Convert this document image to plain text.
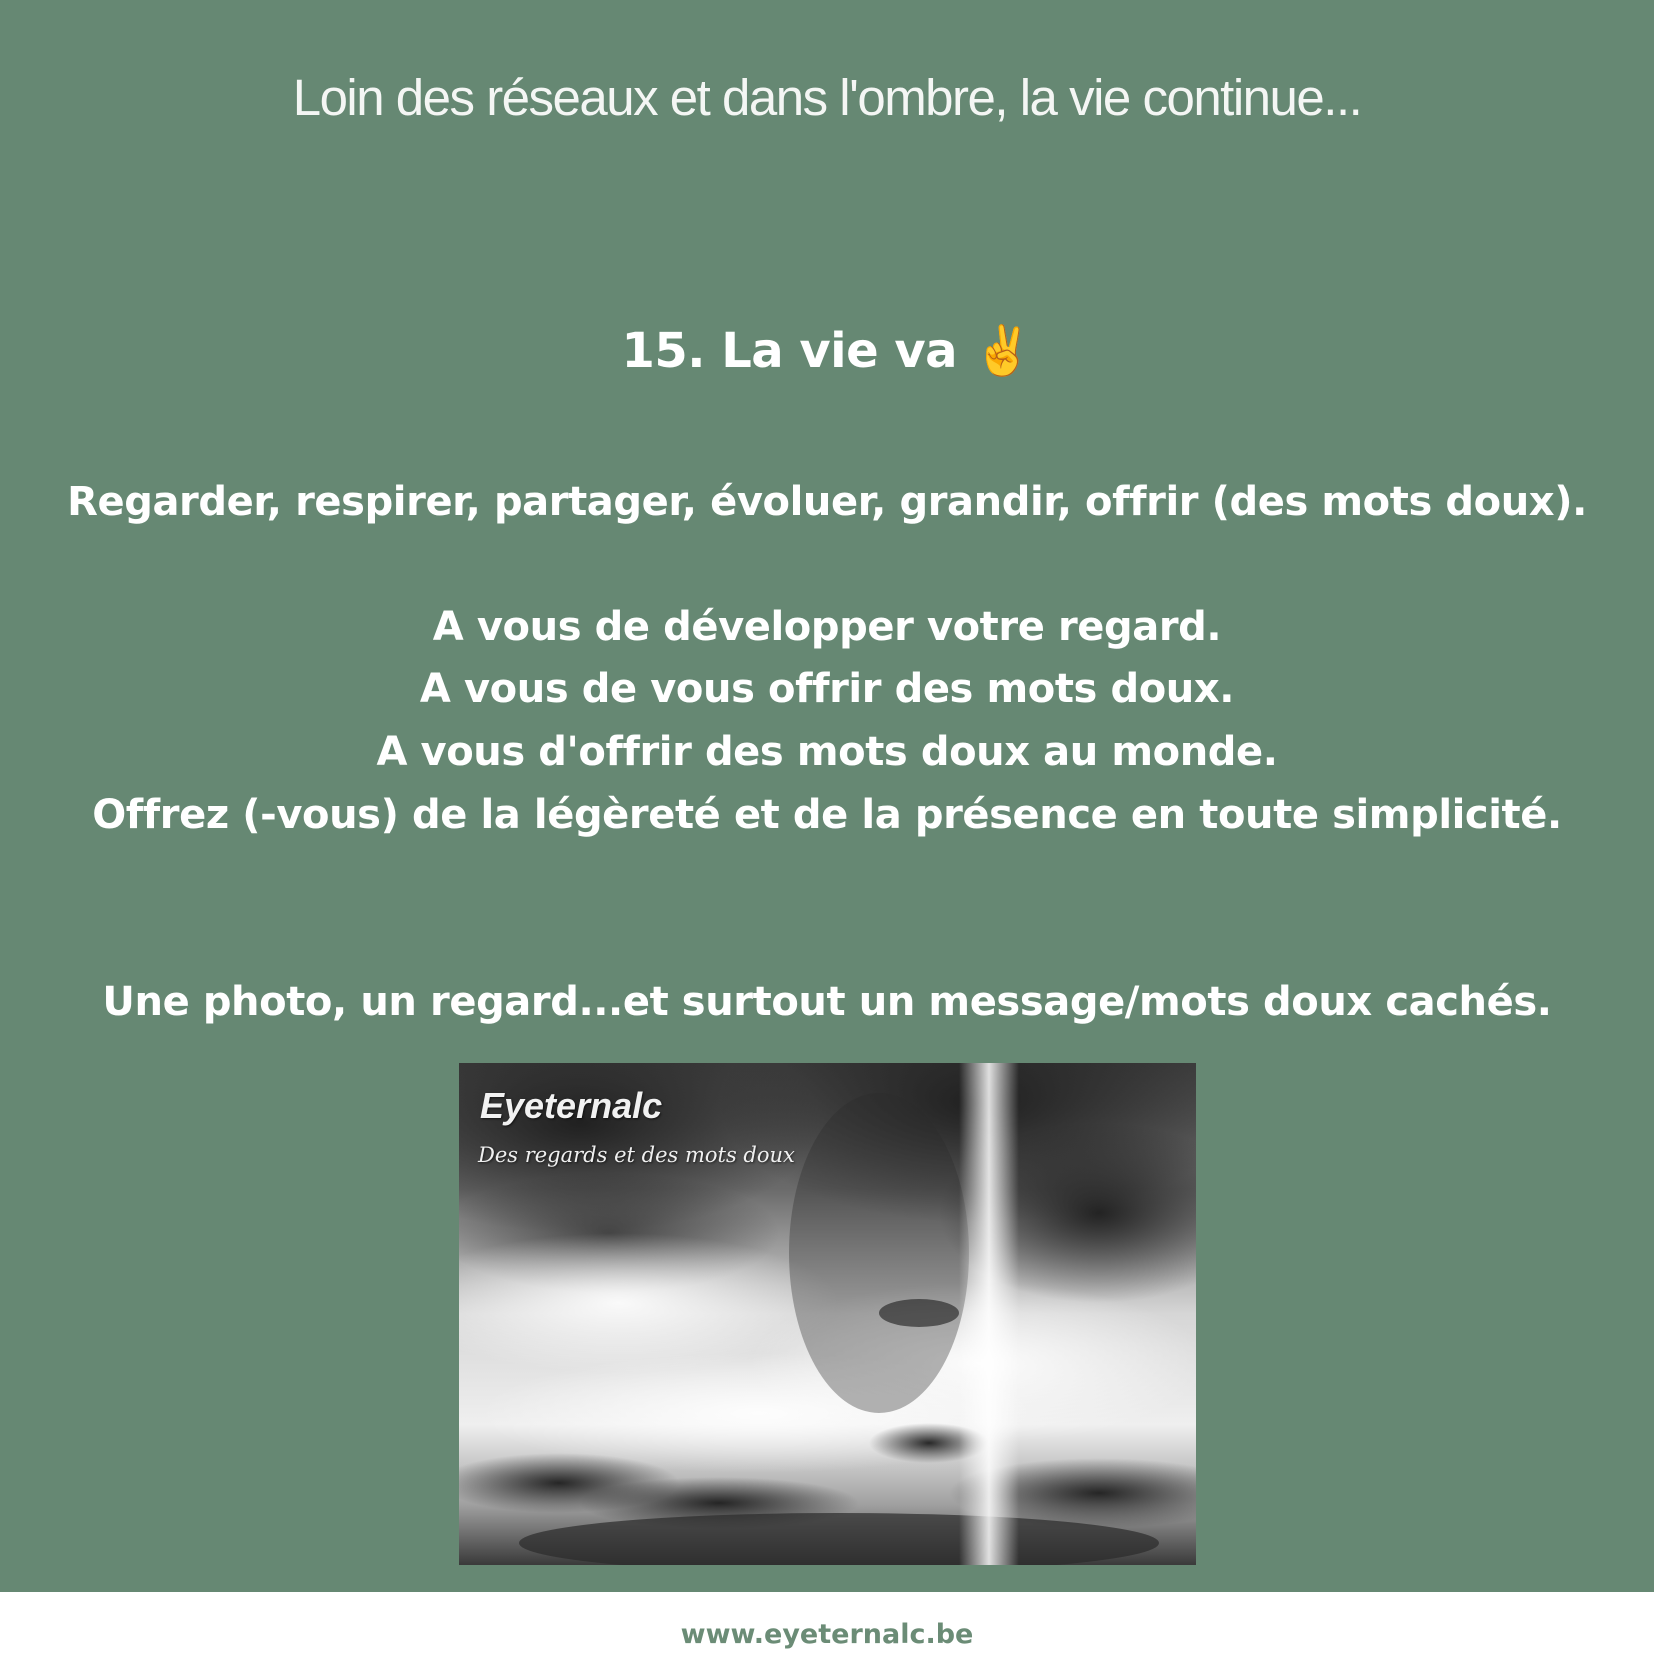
Loin des réseaux et dans l'ombre, la vie continue...
15. La vie va ✌️
Regarder, respirer, partager, évoluer, grandir, offrir (des mots doux).
A vous de développer votre regard.
A vous de vous offrir des mots doux.
A vous d'offrir des mots doux au monde.
Offrez (-vous) de la légèreté et de la présence en toute simplicité.
Une photo, un regard...et surtout un message/mots doux cachés.
Eyeternalc
Des regards et des mots doux
www.eyeternalc.be
